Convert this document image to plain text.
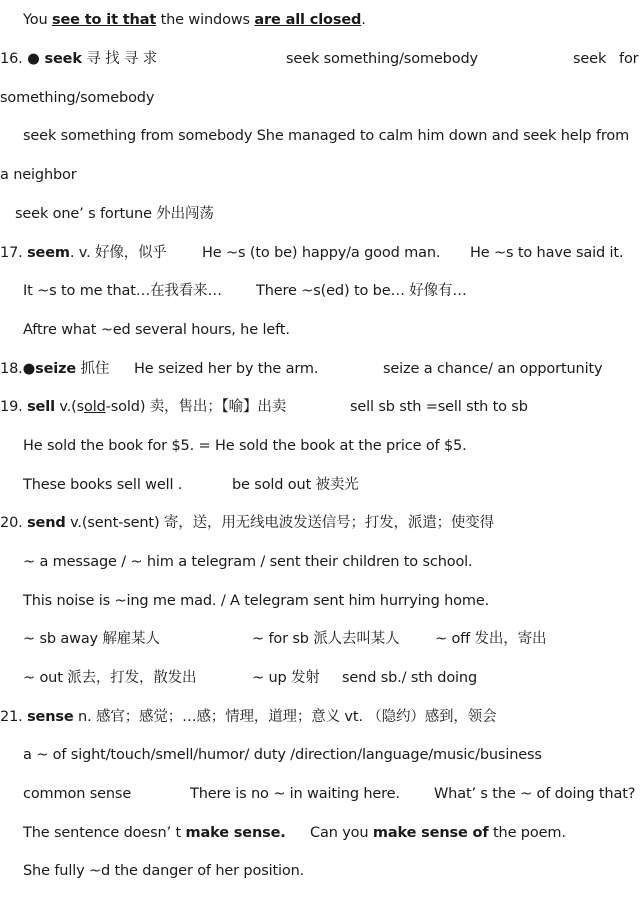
You see to it that the windows are all closed.
16. ● seek 寻 找 寻 求	seek something/somebody	seek for
something/somebody
seek something from somebody She managed to calm him down and seek help from
a neighbor
seek one’ s fortune 外出闯荡
17. seem. v. 好像，似乎 He ~s (to be) happy/a good man. He ~s to have said it.
It ~s to me that…在我看来… There ~s(ed) to be… 好像有…
Aftre what ~ed several hours, he left.
18.●seize 抓住 He seized her by the arm.	seize a chance/ an opportunity
19. sell v.(sold-sold) 卖，售出；【喻】出卖	sell sb sth =sell sth to sb
He sold the book for $5. = He sold the book at the price of $5.
These books sell well .	be sold out 被卖光
20. send v.(sent-sent) 寄，送，用无线电波发送信号；打发，派遣；使变得
~ a message / ~ him a telegram / sent their children to school.
This noise is ~ing me mad. / A telegram sent him hurrying home.
~ sb away 解雇某人	~ for sb 派人去叫某人 ~ off 发出，寄出
~ out 派去，打发，散发出	~ up 发射 send sb./ sth doing
21. sense n. 感官；感觉；…感；情理，道理；意义 vt. （隐约）感到，领会
a ~ of sight/touch/smell/humor/ duty /direction/language/music/business
common sense	There is no ~ in waiting here. What’ s the ~ of doing that?
The sentence doesn’ t make sense. Can you make sense of the poem.
She fully ~d the danger of her position.
